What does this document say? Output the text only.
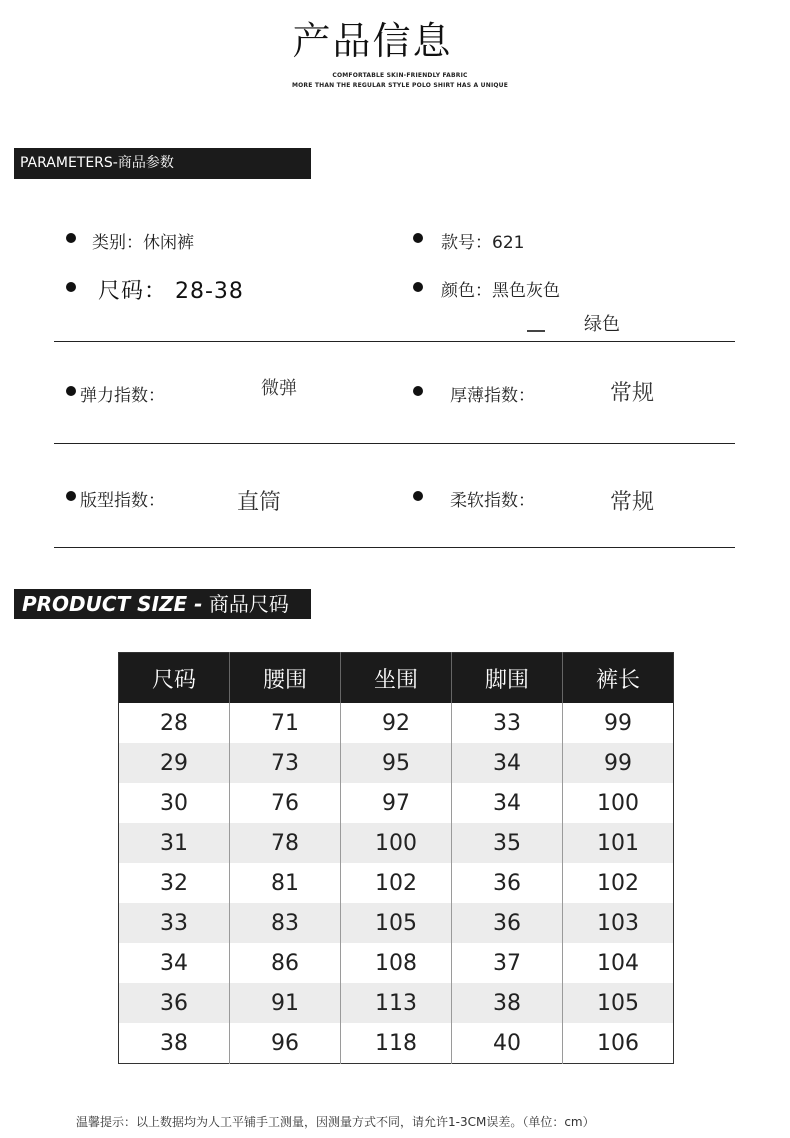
产品信息
COMFORTABLE SKIN-FRIENDLY FABRIC
MORE THAN THE REGULAR STYLE POLO SHIRT HAS A UNIQUE
PARAMETERS-商品参数
类别：休闲裤	款号：621
尺码： 28-38	颜色：黑色灰色
绿色
弹力指数：	微弹	厚薄指数：	常规
版型指数：	直筒	柔软指数：	常规
PRODUCT SIZE - 商品尺码
尺码	腰围	坐围	脚围	裤长
28	71	92	33	99
29	73	95	34	99
30	76	97	34	100
31	78	100	35	101
32	81	102	36	102
33	83	105	36	103
34	86	108	37	104
36	91	113	38	105
38	96	118	40	106
温馨提示：以上数据均为人工平铺手工测量，因测量方式不同，请允许1-3CM误差。（单位：cm）
